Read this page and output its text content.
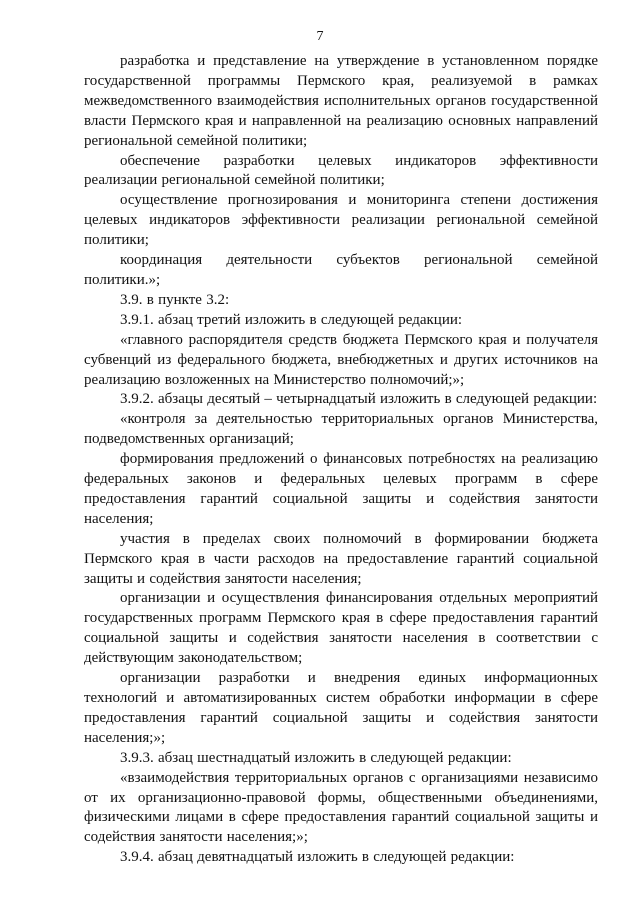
7

разработка и представление на утверждение в установленном порядке государственной программы Пермского края, реализуемой в рамках межведомственного взаимодействия исполнительных органов государственной власти Пермского края и направленной на реализацию основных направлений региональной семейной политики;

обеспечение разработки целевых индикаторов эффективности реализации региональной семейной политики;

осуществление прогнозирования и мониторинга степени достижения целевых индикаторов эффективности реализации региональной семейной политики;

координация деятельности субъектов региональной семейной политики.»;

3.9. в пункте 3.2:

3.9.1. абзац третий изложить в следующей редакции:

«главного распорядителя средств бюджета Пермского края и получателя субвенций из федерального бюджета, внебюджетных и других источников на реализацию возложенных на Министерство полномочий;»;

3.9.2. абзацы десятый – четырнадцатый изложить в следующей редакции:

«контроля за деятельностью территориальных органов Министерства, подведомственных организаций;

формирования предложений о финансовых потребностях на реализацию федеральных законов и федеральных целевых программ в сфере предоставления гарантий социальной защиты и содействия занятости населения;

участия в пределах своих полномочий в формировании бюджета Пермского края в части расходов на предоставление гарантий социальной защиты и содействия занятости населения;

организации и осуществления финансирования отдельных мероприятий государственных программ Пермского края в сфере предоставления гарантий социальной защиты и содействия занятости населения в соответствии с действующим законодательством;

организации разработки и внедрения единых информационных технологий и автоматизированных систем обработки информации в сфере предоставления гарантий социальной защиты и содействия занятости населения;»;

3.9.3. абзац шестнадцатый изложить в следующей редакции:

«взаимодействия территориальных органов с организациями независимо от их организационно-правовой формы, общественными объединениями, физическими лицами в сфере предоставления гарантий социальной защиты и содействия занятости населения;»;

3.9.4. абзац девятнадцатый изложить в следующей редакции:
